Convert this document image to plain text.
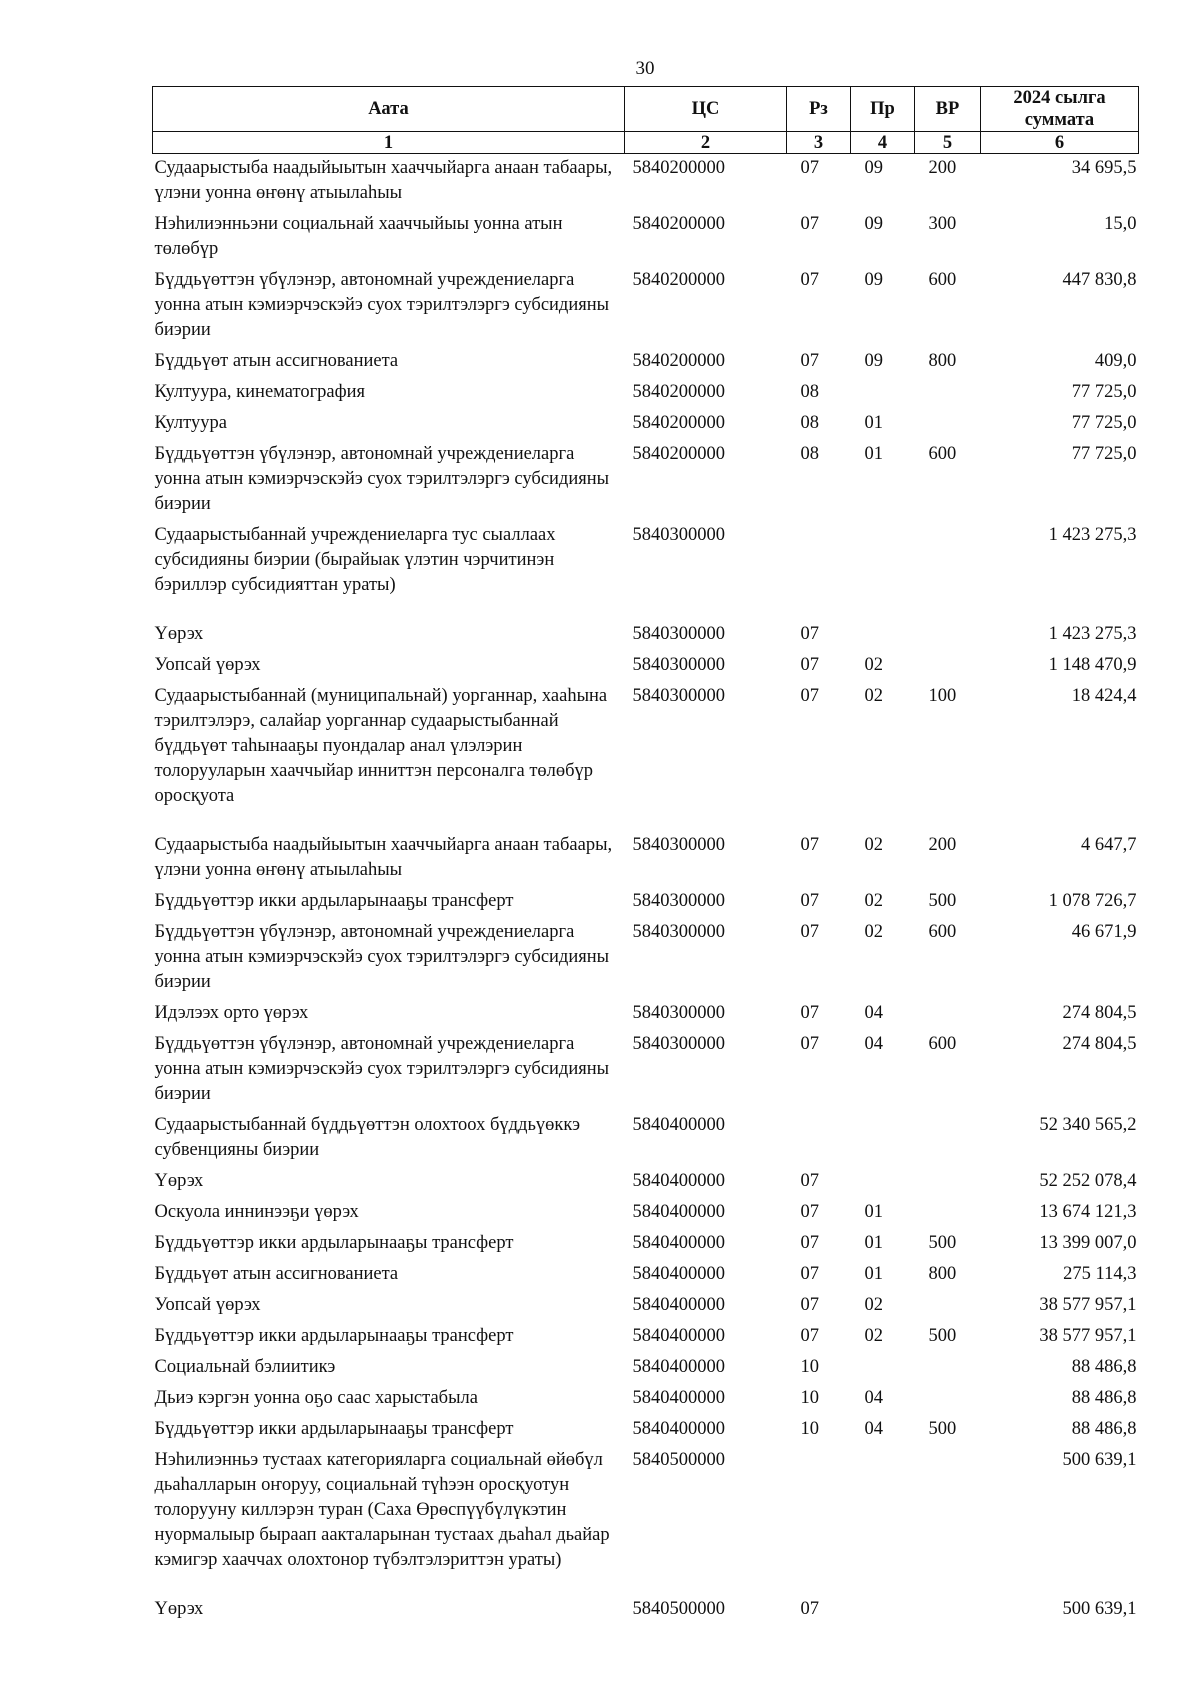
30
Аата	ЦС	Рз	Пр	ВР	2024 сылга суммата
1	2	3	4	5	6
Судаарыстыба наадыйыытын хааччыйарга анаан табаары, үлэни уонна өҥөнү атыылаһыы	5840200000	07	09	200	34 695,5
Нэһилиэнньэни социальнай хааччыйыы уонна атын төлөбүр	5840200000	07	09	300	15,0
Бүддьүөттэн үбүлэнэр, автономнай учреждениеларга уонна атын кэмиэрчэскэйэ суох тэрилтэлэргэ субсидияны биэрии	5840200000	07	09	600	447 830,8
Бүддьүөт атын ассигнованиета	5840200000	07	09	800	409,0
Култуура, кинематография	5840200000	08			77 725,0
Култуура	5840200000	08	01		77 725,0
Бүддьүөттэн үбүлэнэр, автономнай учреждениеларга уонна атын кэмиэрчэскэйэ суох тэрилтэлэргэ субсидияны биэрии	5840200000	08	01	600	77 725,0
Судаарыстыбаннай учреждениеларга тус сыаллаах субсидияны биэрии (бырайыак үлэтин чэрчитинэн бэриллэр субсидияттан ураты)	5840300000				1 423 275,3
Үөрэх	5840300000	07			1 423 275,3
Уопсай үөрэх	5840300000	07	02		1 148 470,9
Судаарыстыбаннай (муниципальнай) уорганнар, хааһына тэрилтэлэрэ, салайар уорганнар судаарыстыбаннай бүддьүөт таһынааҕы пуондалар анал үлэлэрин толорууларын хааччыйар инниттэн персоналга төлөбүр оросқуота	5840300000	07	02	100	18 424,4
Судаарыстыба наадыйыытын хааччыйарга анаан табаары, үлэни уонна өҥөнү атыылаһыы	5840300000	07	02	200	4 647,7
Бүддьүөттэр икки ардыларынааҕы трансферт	5840300000	07	02	500	1 078 726,7
Бүддьүөттэн үбүлэнэр, автономнай учреждениеларга уонна атын кэмиэрчэскэйэ суох тэрилтэлэргэ субсидияны биэрии	5840300000	07	02	600	46 671,9
Идэлээх орто үөрэх	5840300000	07	04		274 804,5
Бүддьүөттэн үбүлэнэр, автономнай учреждениеларга уонна атын кэмиэрчэскэйэ суох тэрилтэлэргэ субсидияны биэрии	5840300000	07	04	600	274 804,5
Судаарыстыбаннай бүддьүөттэн олохтоох бүддьүөккэ субвенцияны биэрии	5840400000				52 340 565,2
Үөрэх	5840400000	07			52 252 078,4
Оскуола иннинээҕи үөрэх	5840400000	07	01		13 674 121,3
Бүддьүөттэр икки ардыларынааҕы трансферт	5840400000	07	01	500	13 399 007,0
Бүддьүөт атын ассигнованиета	5840400000	07	01	800	275 114,3
Уопсай үөрэх	5840400000	07	02		38 577 957,1
Бүддьүөттэр икки ардыларынааҕы трансферт	5840400000	07	02	500	38 577 957,1
Социальнай бэлиитикэ	5840400000	10			88 486,8
Дьиэ кэргэн уонна оҕо саас харыстабыла	5840400000	10	04		88 486,8
Бүддьүөттэр икки ардыларынааҕы трансферт	5840400000	10	04	500	88 486,8
Нэһилиэнньэ тустаах категорияларга социальнай өйөбүл дьаһалларын оҥоруу, социальнай түһээн оросқуотун толорууну киллэрэн туран (Саха Өрөспүүбүлүкэтин нуормалыыр быраап аакталарынан тустаах дьаһал дьайар кэмигэр хааччах олохтонор түбэлтэлэриттэн ураты)	5840500000				500 639,1
Үөрэх	5840500000	07			500 639,1
